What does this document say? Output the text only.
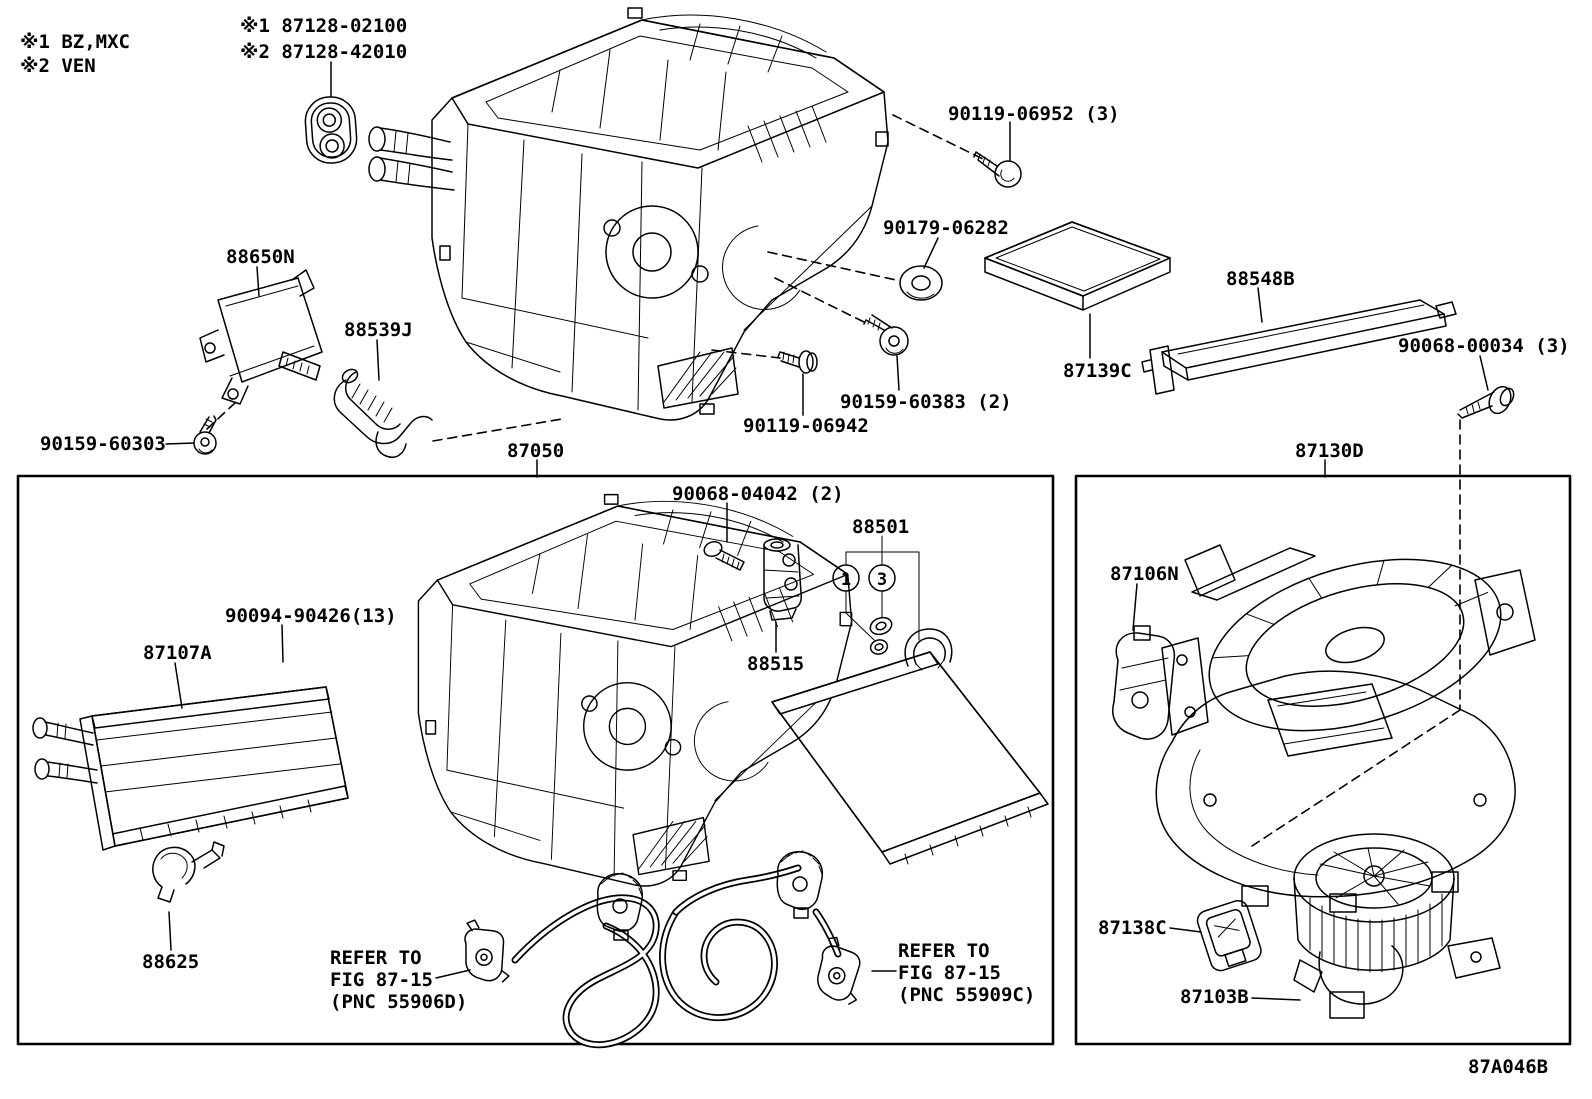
1 3
※1 BZ,MXC
※2 VEN
※1 87128-02100
※2 87128-42010
90119-06952 (3)
90179-06282
87139C
88548B
90068-00034 (3)
88650N
88539J
90159-60303
90159-60383 (2)
90119-06942
87050	87130D
90068-04042 (2)
88501
88515
90094-90426(13)
87107A
88625	REFER TO
FIG 87-15
(PNC 55906D)
REFER TO
FIG 87-15
(PNC 55909C)
87106N
87138C
87103B
87A046B
